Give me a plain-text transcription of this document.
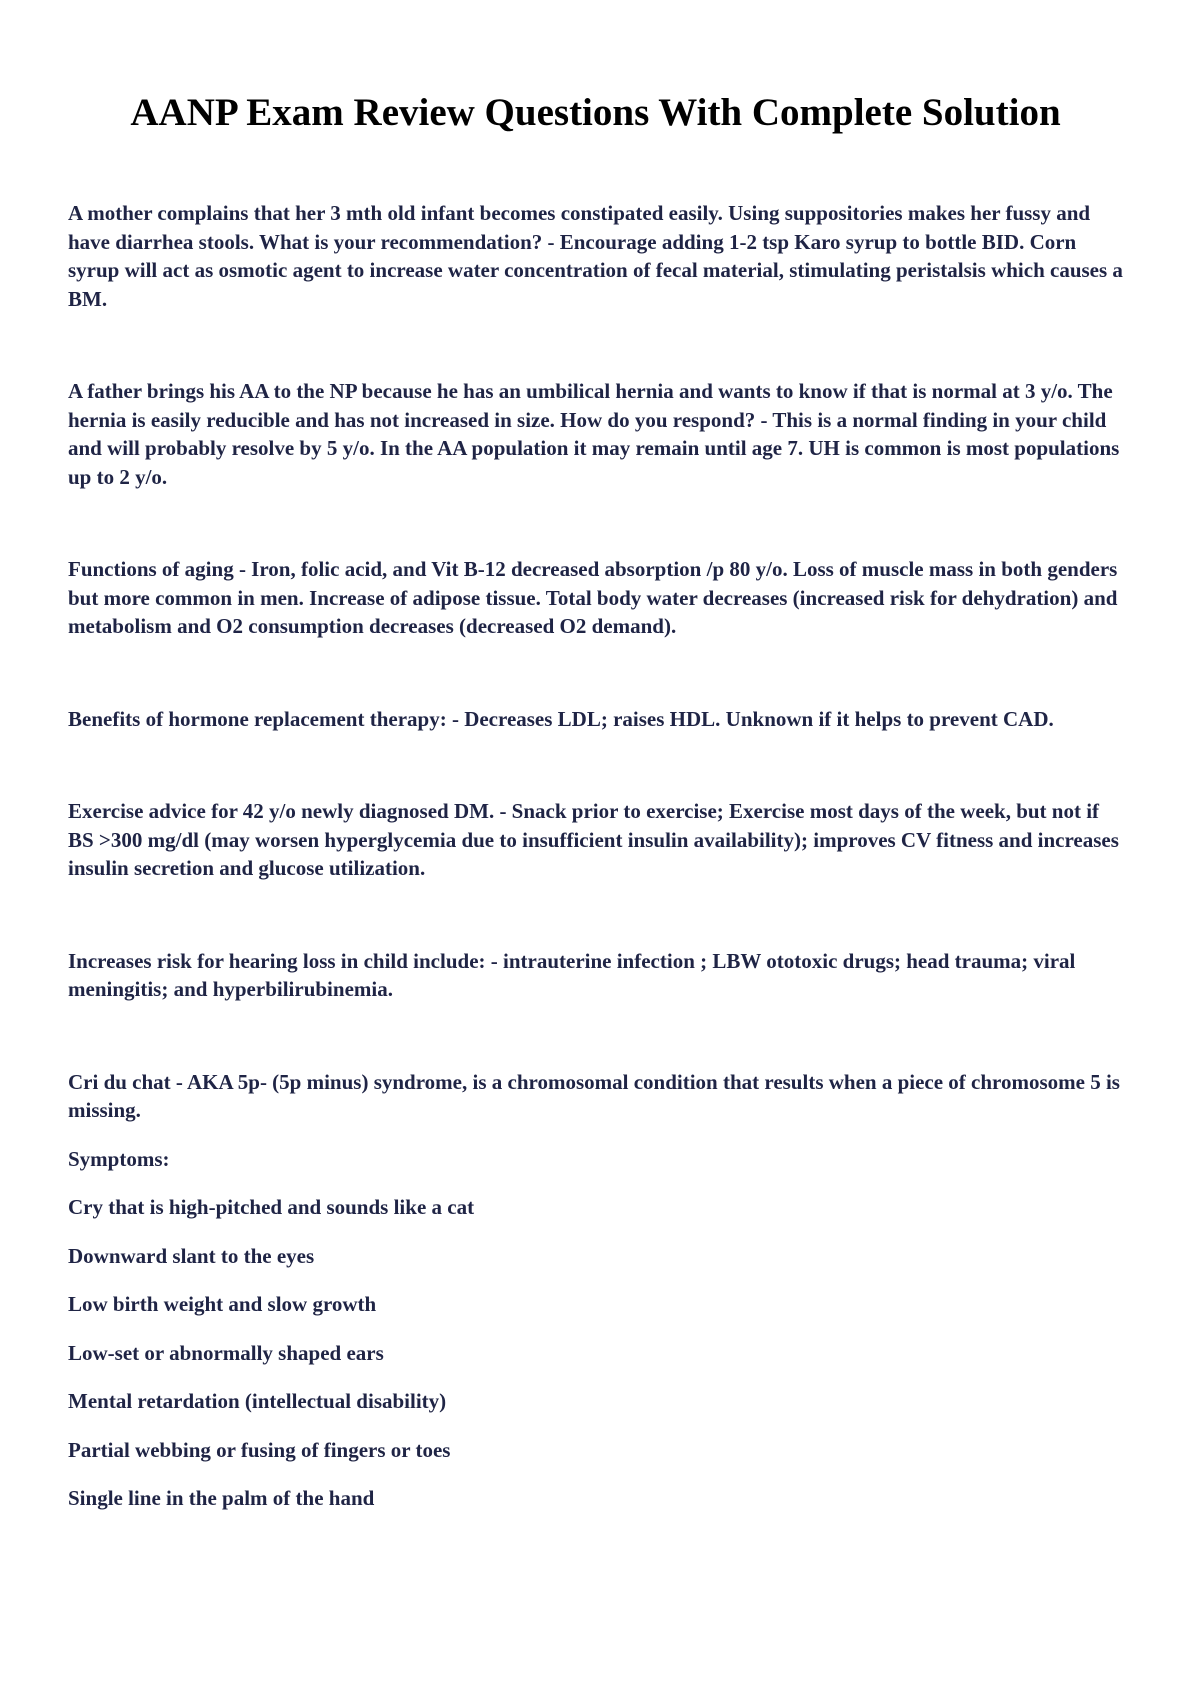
AANP Exam Review Questions With Complete Solution

A mother complains that her 3 mth old infant becomes constipated easily. Using suppositories makes her fussy and have diarrhea stools. What is your recommendation? - Encourage adding 1-2 tsp Karo syrup to bottle BID. Corn syrup will act as osmotic agent to increase water concentration of fecal material, stimulating peristalsis which causes a BM.

A father brings his AA to the NP because he has an umbilical hernia and wants to know if that is normal at 3 y/o. The hernia is easily reducible and has not increased in size. How do you respond? - This is a normal finding in your child and will probably resolve by 5 y/o. In the AA population it may remain until age 7. UH is common is most populations up to 2 y/o.

Functions of aging - Iron, folic acid, and Vit B-12 decreased absorption /p 80 y/o. Loss of muscle mass in both genders but more common in men. Increase of adipose tissue. Total body water decreases (increased risk for dehydration) and metabolism and O2 consumption decreases (decreased O2 demand).

Benefits of hormone replacement therapy: - Decreases LDL; raises HDL. Unknown if it helps to prevent CAD.

Exercise advice for 42 y/o newly diagnosed DM. - Snack prior to exercise; Exercise most days of the week, but not if BS >300 mg/dl (may worsen hyperglycemia due to insufficient insulin availability); improves CV fitness and increases insulin secretion and glucose utilization.

Increases risk for hearing loss in child include: - intrauterine infection ; LBW ototoxic drugs; head trauma; viral meningitis; and hyperbilirubinemia.

Cri du chat - AKA 5p- (5p minus) syndrome, is a chromosomal condition that results when a piece of chromosome 5 is missing.

Symptoms:

Cry that is high-pitched and sounds like a cat
Downward slant to the eyes
Low birth weight and slow growth
Low-set or abnormally shaped ears
Mental retardation (intellectual disability)
Partial webbing or fusing of fingers or toes
Single line in the palm of the hand
